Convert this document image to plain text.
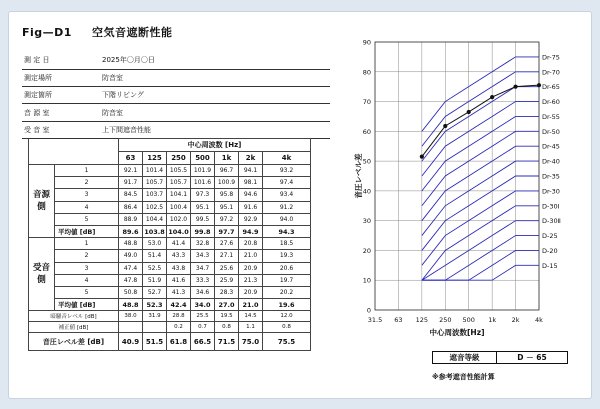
Fig—D1 空気音遮断性能
測 定 日	2025年〇月〇日
測定場所	防音室
測定箇所	下階リビング
音 源 室	防音室
受 音 室	上下間遮音性能
		中心周波数 [Hz]						
		63	125	250	500	1k	2k	4k
音源側	1	92.1	101.4	105.5	101.9	96.7	94.1	93.2
	2	91.7	105.7	105.7	101.6	100.9	98.1	97.4
	3	84.5	103.7	104.1	97.3	95.8	94.6	93.4
	4	86.4	102.5	100.4	95.1	95.1	91.6	91.2
	5	88.9	104.4	102.0	99.5	97.2	92.9	94.0
	平均値 [dB]	89.6	103.8	104.0	99.8	97.7	94.9	94.3
受音側	1	48.8	53.0	41.4	32.8	27.6	20.8	18.5
	2	49.0	51.4	43.3	34.3	27.1	21.0	19.3
	3	47.4	52.5	43.8	34.7	25.6	20.9	20.6
	4	47.8	51.9	41.6	33.3	25.9	21.3	19.7
	5	50.8	52.7	41.3	34.6	28.3	20.9	20.2
	平均値 [dB]	48.8	52.3	42.4	34.0	27.0	21.0	19.6
暗騒音レベル [dB]		38.0	31.9	28.8	25.5	19.5	14.5	12.0
補正値 [dB]				0.2	0.7	0.8	1.1	0.8
音圧レベル差 [dB]		40.9	51.5	61.8	66.5	71.5	75.0	75.5
0
10
20
30
40
50
60
70
80
90
31.5 63 125 250 500 1k 2k 4k
Dr-75
Dr-70
Dr-65
Dr-60
Dr-55
Dr-50
Dr-45
Dr-40
Dr-35
Dr-30
D-30Ⅰ
D-30Ⅱ
D-25
D-20
D-15
音圧レベル差
中心周波数[Hz]
遮音等級	D － 65
※参考遮音性能計算
